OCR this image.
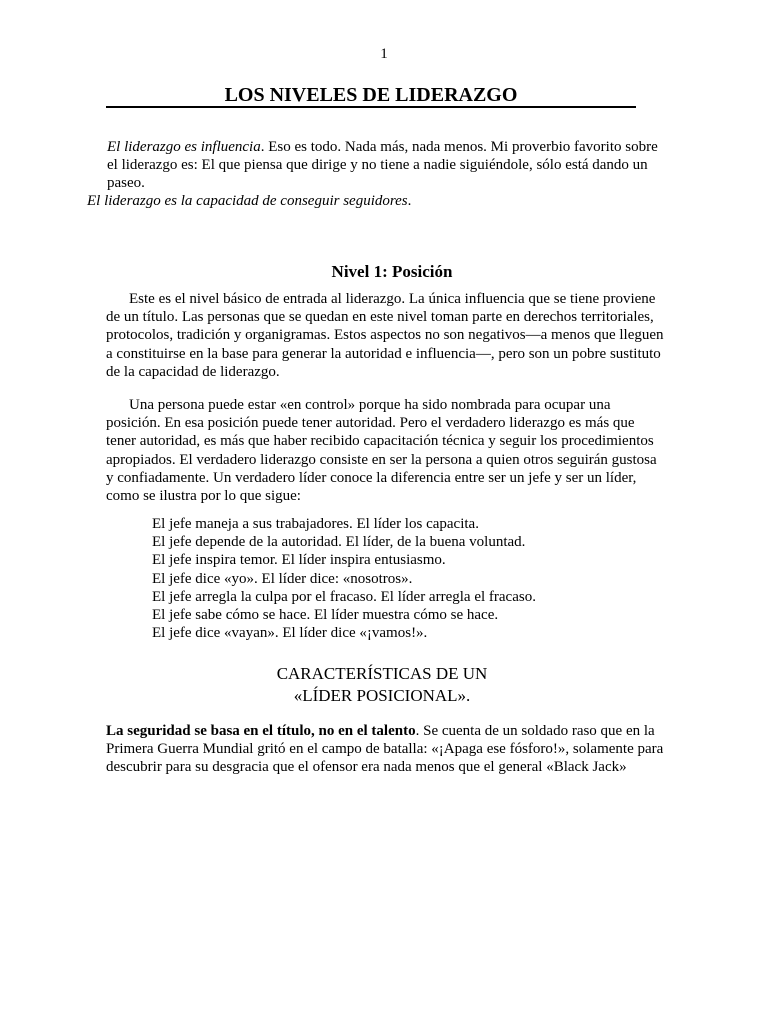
1
LOS NIVELES DE LIDERAZGO

El liderazgo es influencia. Eso es todo. Nada más, nada menos. Mi proverbio favorito sobre el liderazgo es: El que piensa que dirige y no tiene a nadie siguiéndole, sólo está dando un paseo.

El liderazgo es la capacidad de conseguir seguidores.

Nivel 1: Posición

Este es el nivel básico de entrada al liderazgo. La única influencia que se tiene proviene de un título. Las personas que se quedan en este nivel toman parte en derechos territoriales, protocolos, tradición y organigramas. Estos aspectos no son negativos—a menos que lleguen a constituirse en la base para generar la autoridad e influencia—, pero son un pobre sustituto de la capacidad de liderazgo.

Una persona puede estar «en control» porque ha sido nombrada para ocupar una posición. En esa posición puede tener autoridad. Pero el verdadero liderazgo es más que tener autoridad, es más que haber recibido capacitación técnica y seguir los procedimientos apropiados. El verdadero liderazgo consiste en ser la persona a quien otros seguirán gustosa y confiadamente. Un verdadero líder conoce la diferencia entre ser un jefe y ser un líder, como se ilustra por lo que sigue:

El jefe maneja a sus trabajadores. El líder los capacita.
El jefe depende de la autoridad. El líder, de la buena voluntad.
El jefe inspira temor. El líder inspira entusiasmo.
El jefe dice «yo». El líder dice: «nosotros».
El jefe arregla la culpa por el fracaso. El líder arregla el fracaso.
El jefe sabe cómo se hace. El líder muestra cómo se hace.
El jefe dice «vayan». El líder dice «¡vamos!».
CARACTERÍSTICAS DE UN
«LÍDER POSICIONAL».

La seguridad se basa en el título, no en el talento. Se cuenta de un soldado raso que en la Primera Guerra Mundial gritó en el campo de batalla: «¡Apaga ese fósforo!», solamente para descubrir para su desgracia que el ofensor era nada menos que el general «Black Jack»
